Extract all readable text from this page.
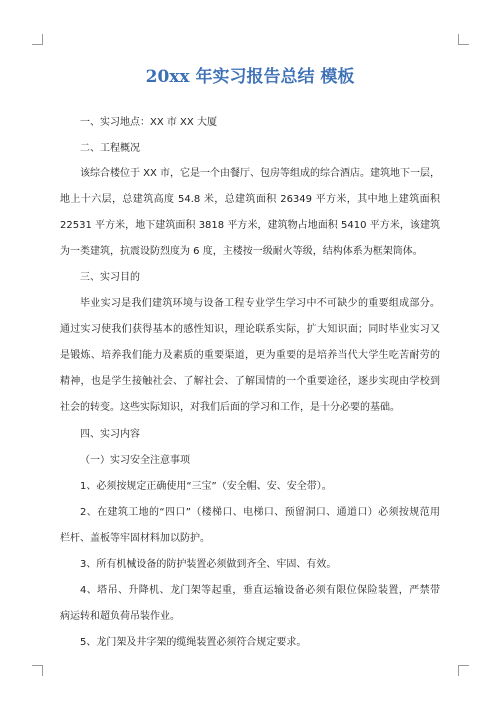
20xx 年实习报告总结 模板

一、实习地点：XX 市 XX 大厦

二、工程概况

该综合楼位于 XX 市，它是一个由餐厅、包房等组成的综合酒店。建筑地下一层，

地上十六层，总建筑高度 54.8 米，总建筑面积 26349 平方米，其中地上建筑面积

22531 平方米，地下建筑面积 3818 平方米，建筑物占地面积 5410 平方米，该建筑

为一类建筑，抗震设防烈度为 6 度，主楼按一级耐火等级，结构体系为框架筒体。

三、实习目的

毕业实习是我们建筑环境与设备工程专业学生学习中不可缺少的重要组成部分。

通过实习使我们获得基本的感性知识，理论联系实际，扩大知识面；同时毕业实习又

是锻炼、培养我们能力及素质的重要渠道，更为重要的是培养当代大学生吃苦耐劳的

精神，也是学生接触社会、了解社会、了解国情的一个重要途径，逐步实现由学校到

社会的转变。这些实际知识，对我们后面的学习和工作，是十分必要的基础。

四、实习内容

（一）实习安全注意事项

1、必须按规定正确使用“三宝”（安全帽、安、安全带）。

2、在建筑工地的“四口”（楼梯口、电梯口、预留洞口、通道口）必须按规范用

栏杆、盖板等牢固材料加以防护。

3、所有机械设备的防护装置必须做到齐全、牢固、有效。

4、塔吊、升降机、龙门架等起重，垂直运输设备必须有限位保险装置，严禁带

病运转和超负荷吊装作业。

5、龙门架及井字架的缆绳装置必须符合规定要求。
